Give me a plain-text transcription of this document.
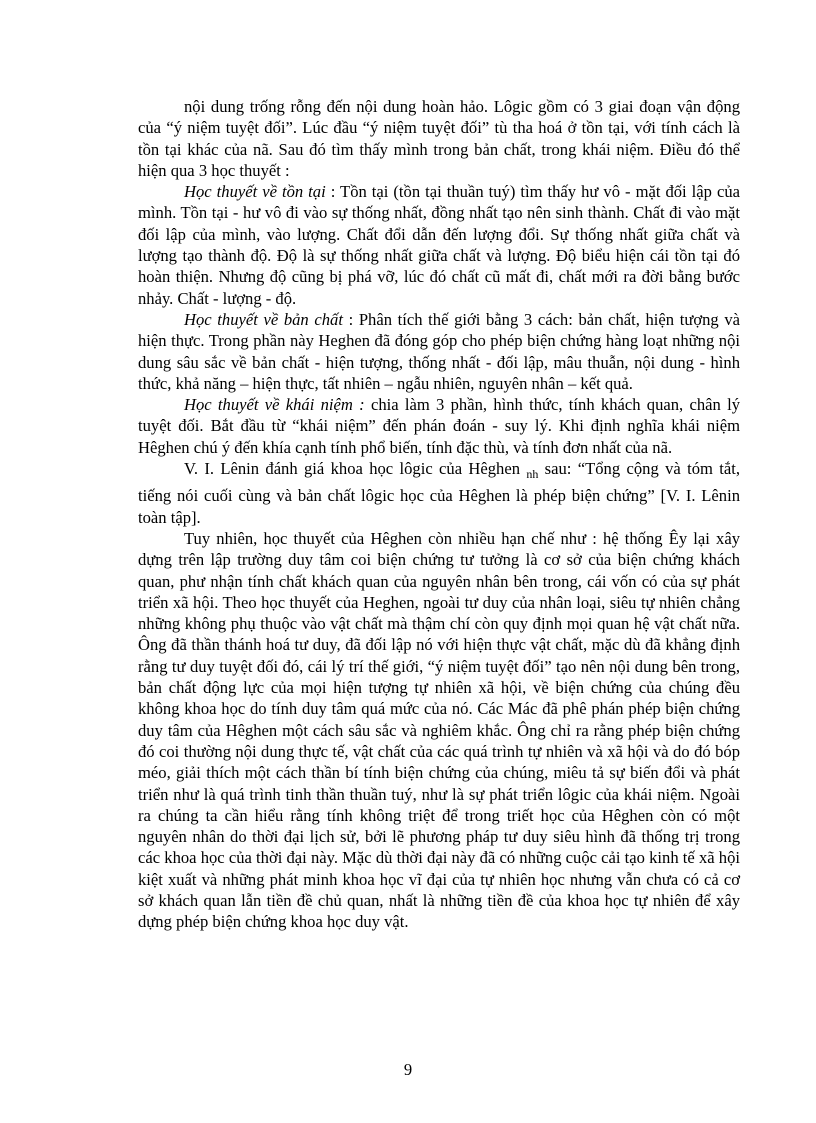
nội dung trống rỗng đến nội dung hoàn hảo. Lôgic gồm có 3 giai đoạn vận động của “ý niệm tuyệt đối”. Lúc đầu “ý niệm tuyệt đối” tù tha hoá ở tồn tại, với tính cách là tồn tại khác của nã. Sau đó tìm thấy mình trong bản chất, trong khái niệm. Điều đó thể hiện qua 3 học thuyết :

Học thuyết về tồn tại : Tồn tại (tồn tại thuần tuý) tìm thấy hư vô - mặt đối lập của mình. Tồn tại - hư vô đi vào sự thống nhất, đồng nhất tạo nên sinh thành. Chất đi vào mặt đối lập của mình, vào lượng. Chất đổi dẫn đến lượng đổi. Sự thống nhất giữa chất và lượng tạo thành độ. Độ là sự thống nhất giữa chất và lượng. Độ biểu hiện cái tồn tại đó hoàn thiện. Nhưng độ cũng bị phá vỡ, lúc đó chất cũ mất đi, chất mới ra đời bằng bước nhảy. Chất - lượng - độ.

Học thuyết về bản chất : Phân tích thế giới bằng 3 cách: bản chất, hiện tượng và hiện thực. Trong phần này Heghen đã đóng góp cho phép biện chứng hàng loạt những nội dung sâu sắc về bản chất - hiện tượng, thống nhất - đối lập, mâu thuẫn, nội dung - hình thức, khả năng – hiện thực, tất nhiên – ngẫu nhiên, nguyên nhân – kết quả.

Học thuyết về khái niệm : chia làm 3 phần, hình thức, tính khách quan, chân lý tuyệt đối. Bắt đầu từ “khái niệm” đến phán đoán - suy lý. Khi định nghĩa khái niệm Hêghen chú ý đến khía cạnh tính phổ biến, tính đặc thù, và tính đơn nhất của nã.

V. I. Lênin đánh giá khoa học lôgic của Hêghen $_{nh}$ sau: “Tổng cộng và tóm tắt, tiếng nói cuối cùng và bản chất lôgic học của Hêghen là phép biện chứng” [V. I. Lênin toàn tập].

Tuy nhiên, học thuyết của Hêghen còn nhiều hạn chế như : hệ thống Êy lại xây dựng trên lập trường duy tâm coi biện chứng tư tưởng là cơ sở của biện chứng khách quan, phư nhận tính chất khách quan của nguyên nhân bên trong, cái vốn có của sự phát triển xã hội. Theo học thuyết của Heghen, ngoài tư duy của nhân loại, siêu tự nhiên chẳng những không phụ thuộc vào vật chất mà thậm chí còn quy định mọi quan hệ vật chất nữa. Ông đã thần thánh hoá tư duy, đã đối lập nó với hiện thực vật chất, mặc dù đã khẳng định rằng tư duy tuyệt đối đó, cái lý trí thế giới, “ý niệm tuyệt đối” tạo nên nội dung bên trong, bản chất động lực của mọi hiện tượng tự nhiên xã hội, về biện chứng của chúng đều không khoa học do tính duy tâm quá mức của nó. Các Mác đã phê phán phép biện chứng duy tâm của Hêghen một cách sâu sắc và nghiêm khắc. Ông chỉ ra rằng phép biện chứng đó coi thường nội dung thực tế, vật chất của các quá trình tự nhiên và xã hội và do đó bóp méo, giải thích một cách thần bí tính biện chứng của chúng, miêu tả sự biến đổi và phát triển như là quá trình tinh thần thuần tuý, như là sự phát triển lôgic của khái niệm. Ngoài ra chúng ta cần hiểu rằng tính không triệt để trong triết học của Hêghen còn có một nguyên nhân do thời đại lịch sử, bởi lẽ phương pháp tư duy siêu hình đã thống trị trong các khoa học của thời đại này. Mặc dù thời đại này đã có những cuộc cải tạo kinh tế xã hội kiệt xuất và những phát minh khoa học vĩ đại của tự nhiên học nhưng vẫn chưa có cả cơ sở khách quan lẫn tiền đề chủ quan, nhất là những tiền đề của khoa học tự nhiên để xây dựng phép biện chứng khoa học duy vật.

9
